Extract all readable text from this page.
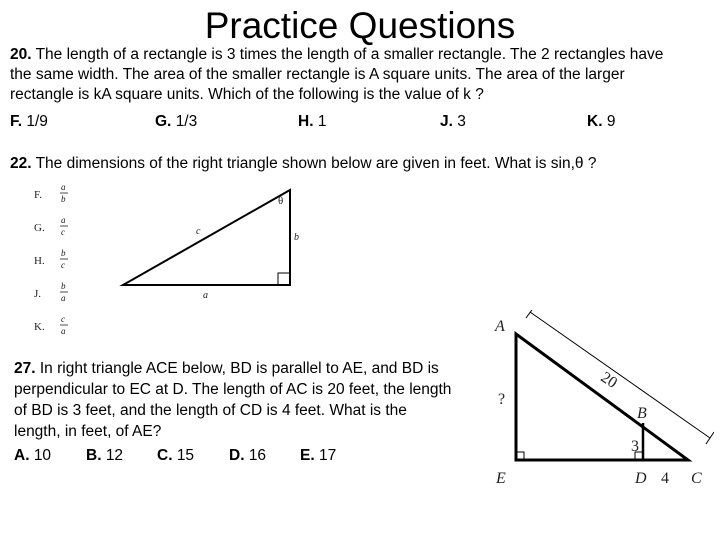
Practice Questions
20. The length of a rectangle is 3 times the length of a smaller rectangle. The 2 rectangles have
the same width. The area of the smaller rectangle is A square units. The area of the larger
rectangle is kA square units. Which of the following is the value of k ?
F. 1/9	G. 1/3	H. 1	J. 3	K. 9
22. The dimensions of the right triangle shown below are given in feet. What is sin,θ ?
F.
a
b
G.
a
c
H.
b
c
J.
b
a
K.
c
a
θ
c
b
a
27. In right triangle ACE below, BD is parallel to AE, and BD is
perpendicular to EC at D. The length of AC is 20 feet, the length
of BD is 3 feet, and the length of CD is 4 feet. What is the
length, in feet, of AE?
A. 10 B. 12 C. 15 D. 16 E. 17
A
B
C
D
E
20
3
4
?
